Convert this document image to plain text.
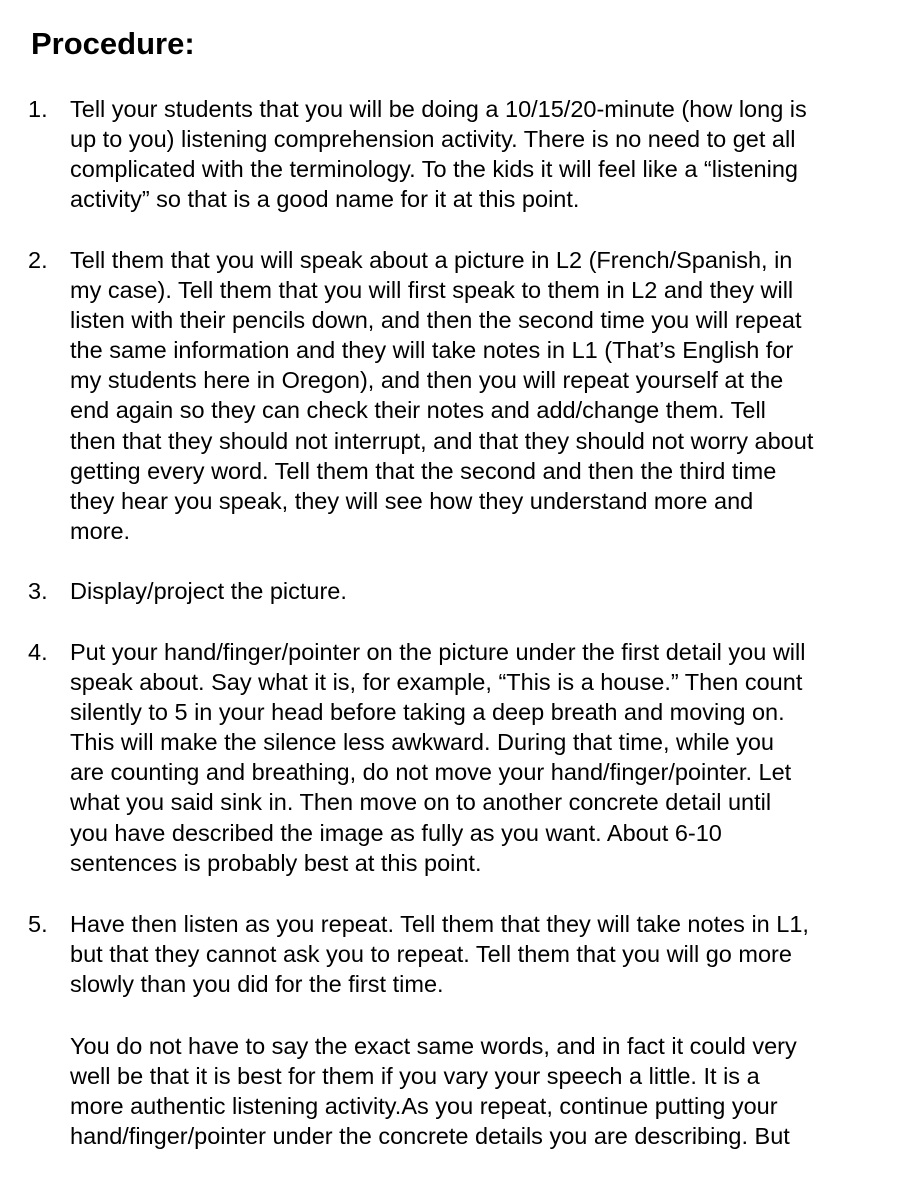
Procedure:
1. Tell your students that you will be doing a 10/15/20-minute (how long is
up to you) listening comprehension activity. There is no need to get all
complicated with the terminology. To the kids it will feel like a “listening
activity” so that is a good name for it at this point.
2. Tell them that you will speak about a picture in L2 (French/Spanish, in
my case). Tell them that you will first speak to them in L2 and they will
listen with their pencils down, and then the second time you will repeat
the same information and they will take notes in L1 (That’s English for
my students here in Oregon), and then you will repeat yourself at the
end again so they can check their notes and add/change them. Tell
then that they should not interrupt, and that they should not worry about
getting every word. Tell them that the second and then the third time
they hear you speak, they will see how they understand more and
more.
3. Display/project the picture.
4. Put your hand/finger/pointer on the picture under the first detail you will
speak about. Say what it is, for example, “This is a house.” Then count
silently to 5 in your head before taking a deep breath and moving on.
This will make the silence less awkward. During that time, while you
are counting and breathing, do not move your hand/finger/pointer. Let
what you said sink in. Then move on to another concrete detail until
you have described the image as fully as you want. About 6-10
sentences is probably best at this point.
5. Have then listen as you repeat. Tell them that they will take notes in L1,
but that they cannot ask you to repeat. Tell them that you will go more
slowly than you did for the first time.
You do not have to say the exact same words, and in fact it could very
well be that it is best for them if you vary your speech a little. It is a
more authentic listening activity.As you repeat, continue putting your
hand/finger/pointer under the concrete details you are describing. But
